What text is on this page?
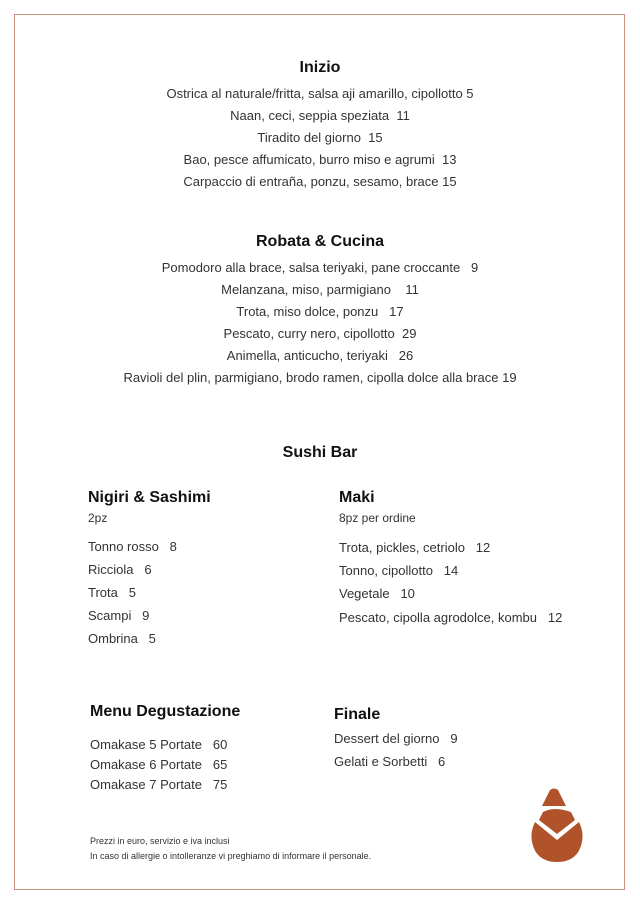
Inizio
Ostrica al naturale/fritta, salsa aji amarillo, cipollotto 5
Naan, ceci, seppia speziata  11
Tiradito del giorno  15
Bao, pesce affumicato, burro miso e agrumi  13
Carpaccio di entraña, ponzu, sesamo, brace 15
Robata & Cucina
Pomodoro alla brace, salsa teriyaki, pane croccante   9
Melanzana, miso, parmigiano    11
Trota, miso dolce, ponzu   17
Pescato, curry nero, cipollotto  29
Animella, anticucho, teriyaki   26
Ravioli del plin, parmigiano, brodo ramen, cipolla dolce alla brace 19
Sushi Bar
Nigiri & Sashimi
2pz
Tonno rosso   8
Ricciola   6
Trota   5
Scampi   9
Ombrina   5
Maki
8pz per ordine
Trota, pickles, cetriolo   12
Tonno, cipollotto   14
Vegetale   10
Pescato, cipolla agrodolce, kombu   12
Menu Degustazione
Omakase 5 Portate   60
Omakase 6 Portate   65
Omakase 7 Portate   75
Finale
Dessert del giorno   9
Gelati e Sorbetti   6
Prezzi in euro, servizio e iva inclusi
In caso di allergie o intolleranze vi preghiamo di informare il personale.
